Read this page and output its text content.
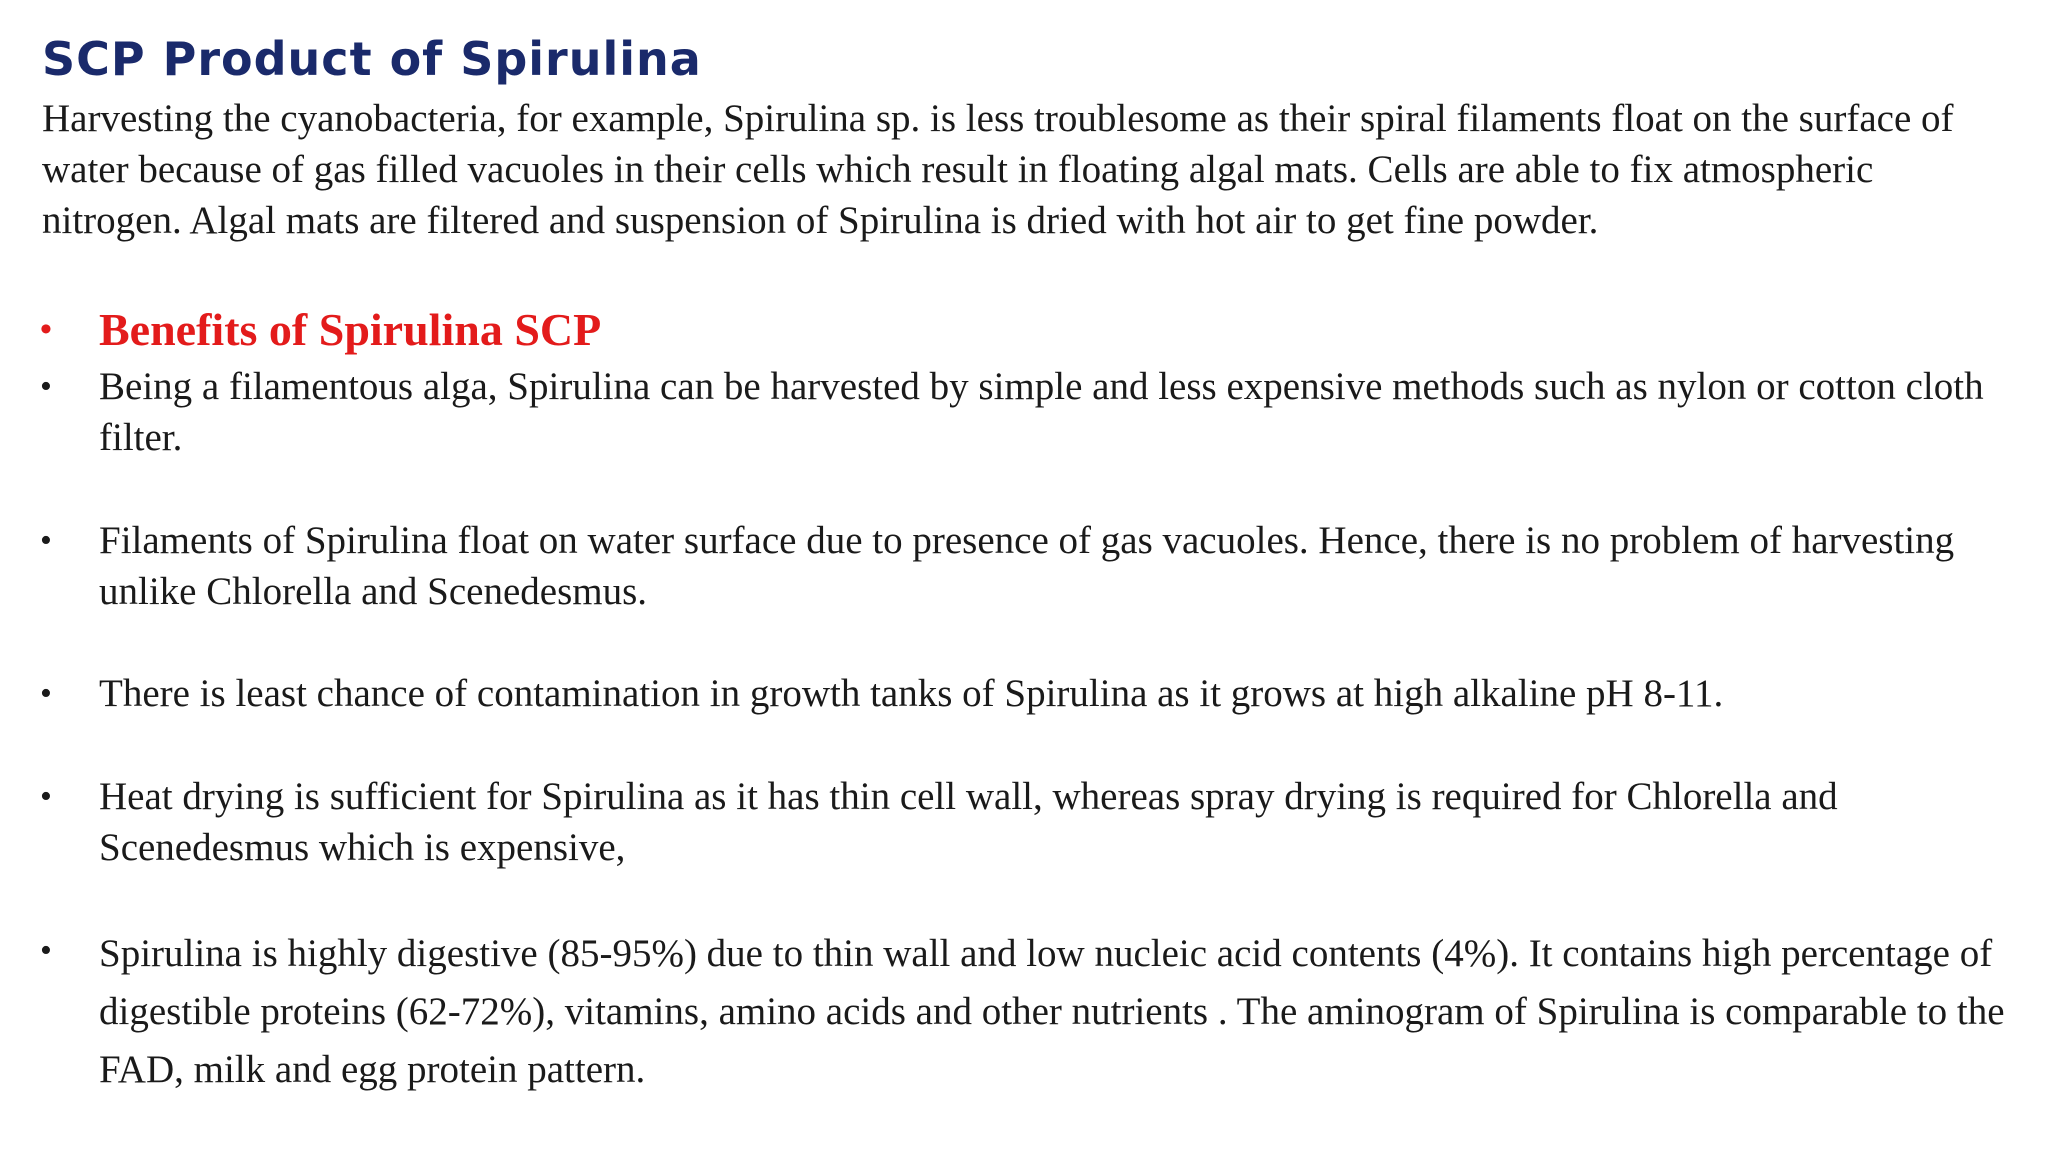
SCP Product of Spirulina

Harvesting the cyanobacteria, for example, Spirulina sp. is less troublesome as their spiral filaments float on the surface of water because of gas filled vacuoles in their cells which result in floating algal mats. Cells are able to fix atmospheric nitrogen. Algal mats are filtered and suspension of Spirulina is dried with hot air to get fine powder.

•	Benefits of Spirulina SCP
•	Being a filamentous alga, Spirulina can be harvested by simple and less expensive methods such as nylon or cotton cloth filter.
•	Filaments of Spirulina float on water surface due to presence of gas vacuoles. Hence, there is no problem of harvesting unlike Chlorella and Scenedesmus.
•	There is least chance of contamination in growth tanks of Spirulina as it grows at high alkaline pH 8-11.
•	Heat drying is sufficient for Spirulina as it has thin cell wall, whereas spray drying is required for Chlorella and Scenedesmus which is expensive,
•	Spirulina is highly digestive (85-95%) due to thin wall and low nucleic acid contents (4%). It contains high percentage of digestible proteins (62-72%), vitamins, amino acids and other nutrients . The aminogram of Spirulina is comparable to the FAD, milk and egg protein pattern.
